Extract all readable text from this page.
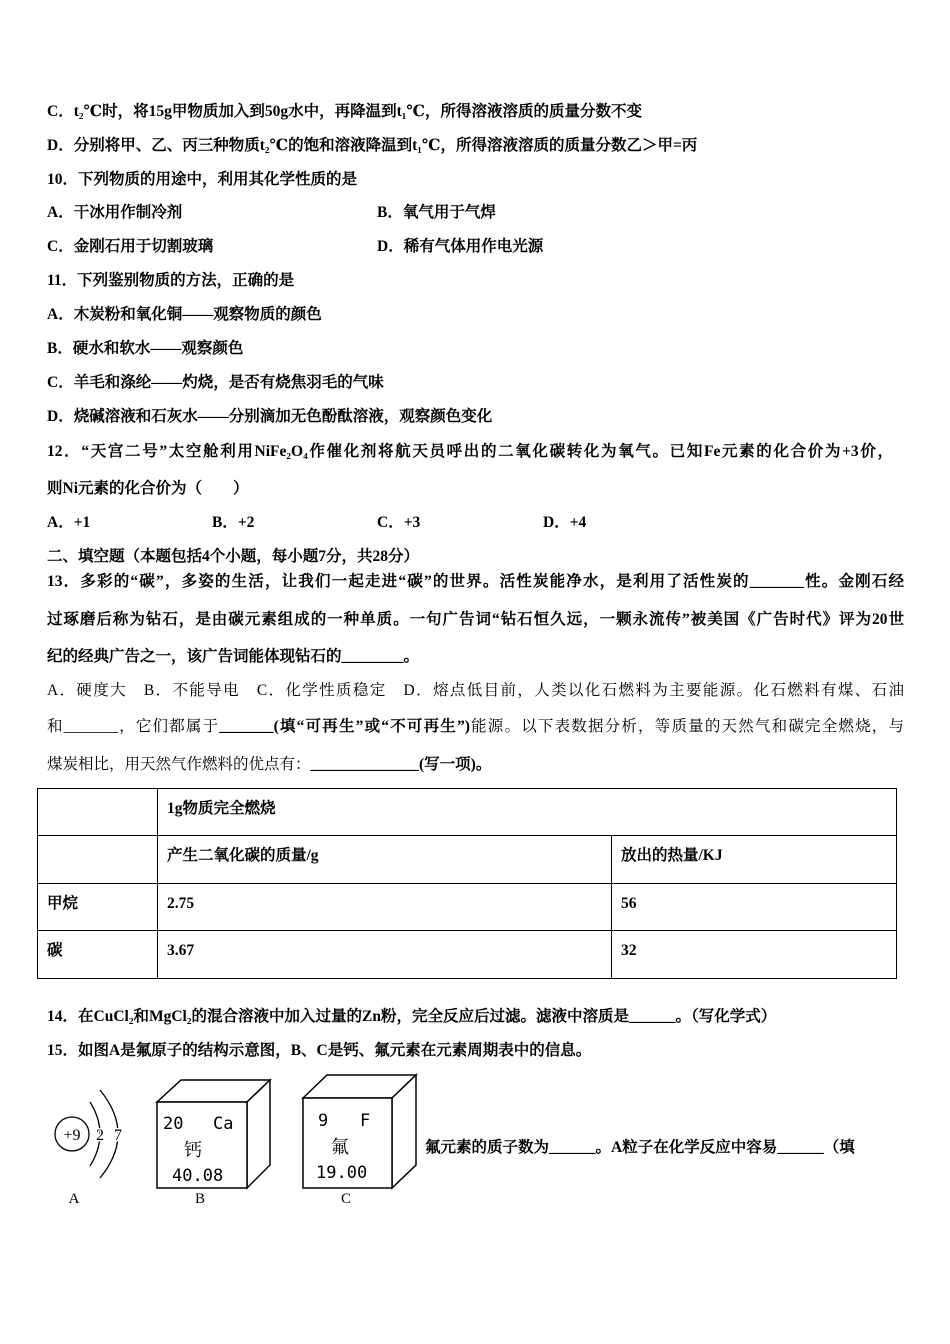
C．t₂℃时，将15g甲物质加入到50g水中，再降温到t₁℃，所得溶液溶质的质量分数不变
D．分别将甲、乙、丙三种物质t₂℃的饱和溶液降温到t₁℃，所得溶液溶质的质量分数乙＞甲=丙
10．下列物质的用途中，利用其化学性质的是
A．干冰用作制冷剂	B．氧气用于气焊
C．金刚石用于切割玻璃	D．稀有气体用作电光源
11．下列鉴别物质的方法，正确的是
A．木炭粉和氧化铜——观察物质的颜色
B．硬水和软水——观察颜色
C．羊毛和涤纶——灼烧，是否有烧焦羽毛的气味
D．烧碱溶液和石灰水——分别滴加无色酚酞溶液，观察颜色变化
12．“天宫二号”太空舱利用NiFe₂O₄作催化剂将航天员呼出的二氧化碳转化为氧气。已知Fe元素的化合价为+3价，
则Ni元素的化合价为（　　）
A．+1	B．+2	C．+3	D．+4
二、填空题（本题包括4个小题，每小题7分，共28分）
13．多彩的“碳”，多姿的生活，让我们一起走进“碳”的世界。活性炭能净水，是利用了活性炭的_______性。金刚石经
过琢磨后称为钻石，是由碳元素组成的一种单质。一句广告词“钻石恒久远，一颗永流传”被美国《广告时代》评为20世
纪的经典广告之一，该广告词能体现钻石的________。
A．硬度大　B．不能导电　C．化学性质稳定　D．熔点低目前，人类以化石燃料为主要能源。化石燃料有煤、石油
和_______，它们都属于_______(填“可再生”或“不可再生”)能源。以下表数据分析，等质量的天然气和碳完全燃烧，与
煤炭相比，用天然气作燃料的优点有：______________(写一项)。
	1g物质完全燃烧	
	产生二氧化碳的质量/g	放出的热量/KJ
甲烷	2.75	56
碳	3.67	32
14．在CuCl₂和MgCl₂的混合溶液中加入过量的Zn粉，完全反应后过滤。滤液中溶质是______。（写化学式）
15．如图A是氟原子的结构示意图，B、C是钙、氟元素在元素周期表中的信息。
+9 2 7
A
20 Ca
钙
40.08
B
9 F
氟
19.00
C
氟元素的质子数为______。A粒子在化学反应中容易______（填
